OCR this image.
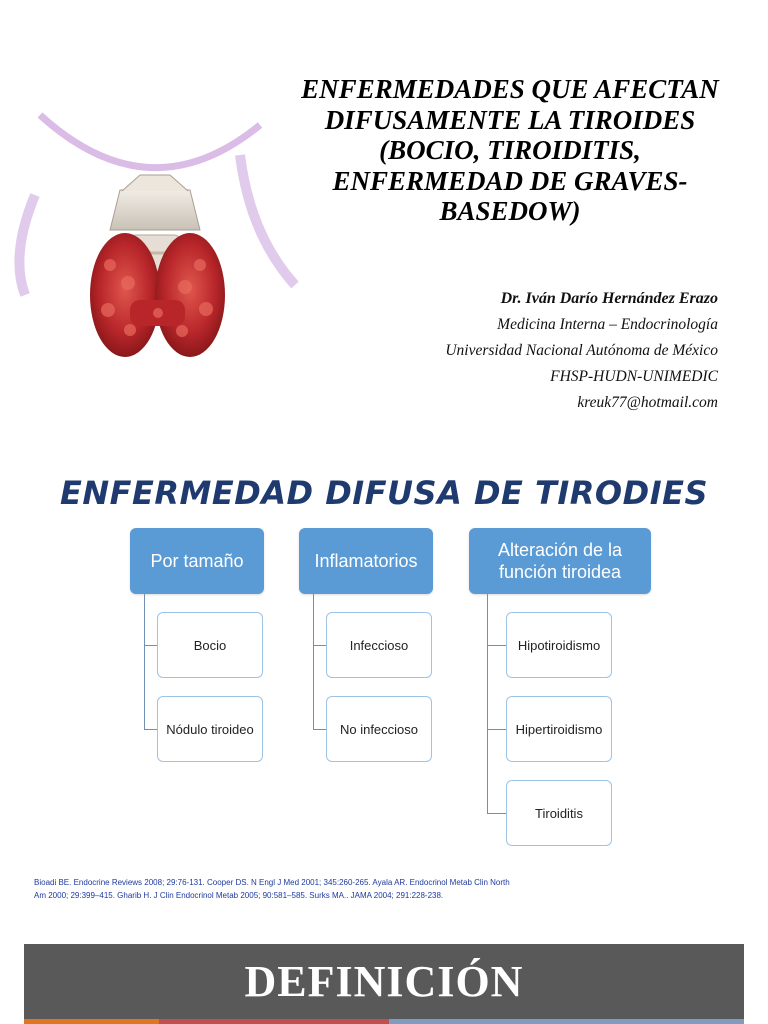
ENFERMEDADES QUE AFECTAN
DIFUSAMENTE LA TIROIDES
(BOCIO, TIROIDITIS,
ENFERMEDAD DE GRAVES-
BASEDOW)
Dr. Iván Darío Hernández Erazo
Medicina Interna – Endocrinología
Universidad Nacional Autónoma de México
FHSP-HUDN-UNIMEDIC
kreuk77@hotmail.com
ENFERMEDAD DIFUSA DE TIRODIES
Por tamaño
Bocio
Nódulo tiroideo
Inflamatorios
Infeccioso
No infeccioso
Alteración de la función tiroidea
Hipotiroidismo
Hipertiroidismo
Tiroiditis
Bioadi BE. Endocrine Reviews 2008; 29:76-131. Cooper DS. N Engl J Med 2001; 345:260-265. Ayala AR. Endocrinol Metab Clin North
Am 2000; 29:399–415. Gharib H. J Clin Endocrinol Metab 2005; 90:581–585. Surks MA.. JAMA 2004; 291:228-238.
DEFINICIÓN
